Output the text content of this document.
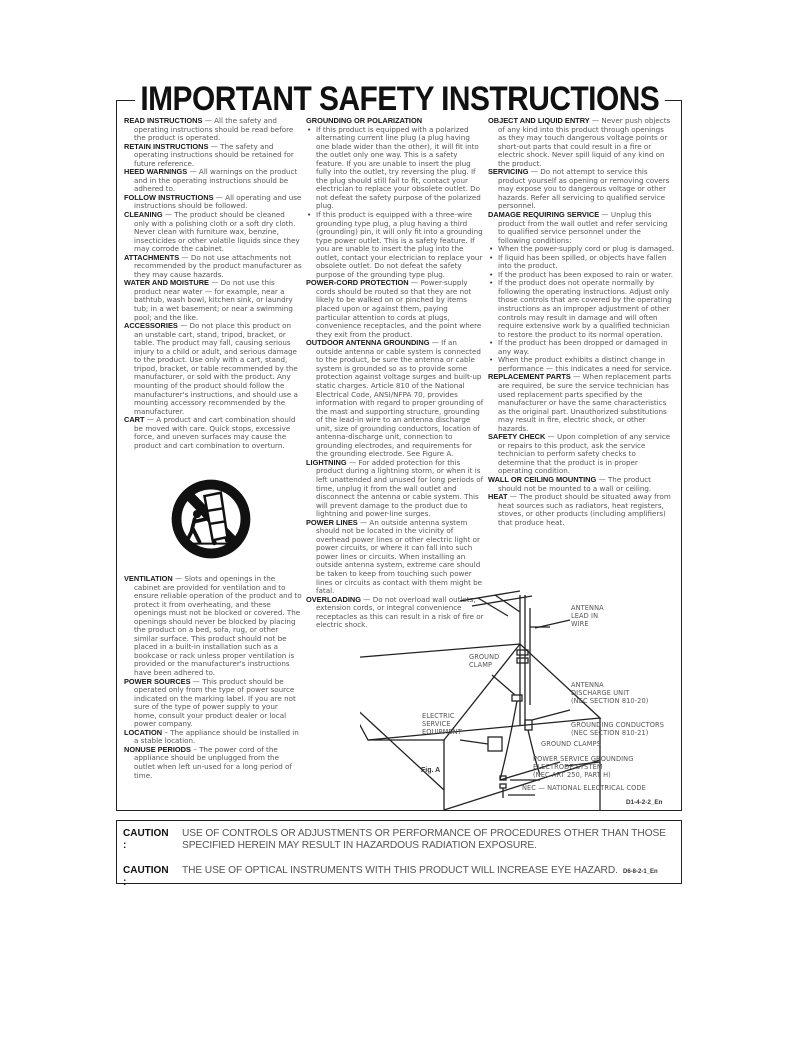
IMPORTANT SAFETY INSTRUCTIONS

READ INSTRUCTIONS — All the safety and operating instructions should be read before the product is operated.

RETAIN INSTRUCTIONS — The safety and operating instructions should be retained for future reference.

HEED WARNINGS — All warnings on the product and in the operating instructions should be adhered to.

FOLLOW INSTRUCTIONS — All operating and use instructions should be followed.

CLEANING — The product should be cleaned only with a polishing cloth or a soft dry cloth. Never clean with furniture wax, benzine, insecticides or other volatile liquids since they may corrode the cabinet.

ATTACHMENTS — Do not use attachments not recommended by the product manufacturer as they may cause hazards.

WATER AND MOISTURE — Do not use this product near water — for example, near a bathtub, wash bowl, kitchen sink, or laundry tub; in a wet basement; or near a swimming pool; and the like.

ACCESSORIES — Do not place this product on an unstable cart, stand, tripod, bracket, or table. The product may fall, causing serious injury to a child or adult, and serious damage to the product. Use only with a cart, stand, tripod, bracket, or table recommended by the manufacturer, or sold with the product. Any mounting of the product should follow the manufacturer's instructions, and should use a mounting accessory recommended by the manufacturer.

CART — A product and cart combination should be moved with care. Quick stops, excessive force, and uneven surfaces may cause the product and cart combination to overturn.

VENTILATION — Slots and openings in the cabinet are provided for ventilation and to ensure reliable operation of the product and to protect it from overheating, and these openings must not be blocked or covered. The openings should never be blocked by placing the product on a bed, sofa, rug, or other similar surface. This product should not be placed in a built-in installation such as a bookcase or rack unless proper ventilation is provided or the manufacturer's instructions have been adhered to.

POWER SOURCES — This product should be operated only from the type of power source indicated on the marking label. If you are not sure of the type of power supply to your home, consult your product dealer or local power company.

LOCATION – The appliance should be installed in a stable location.

NONUSE PERIODS – The power cord of the appliance should be unplugged from the outlet when left un-used for a long period of time.

GROUNDING OR POLARIZATION

• If this product is equipped with a polarized alternating current line plug (a plug having one blade wider than the other), it will fit into the outlet only one way. This is a safety feature. If you are unable to insert the plug fully into the outlet, try reversing the plug. If the plug should still fail to fit, contact your electrician to replace your obsolete outlet. Do not defeat the safety purpose of the polarized plug.
• If this product is equipped with a three-wire grounding type plug, a plug having a third (grounding) pin, it will only fit into a grounding type power outlet. This is a safety feature. If you are unable to insert the plug into the outlet, contact your electrician to replace your obsolete outlet. Do not defeat the safety purpose of the grounding type plug.

POWER-CORD PROTECTION — Power-supply cords should be routed so that they are not likely to be walked on or pinched by items placed upon or against them, paying particular attention to cords at plugs, convenience receptacles, and the point where they exit from the product.

OUTDOOR ANTENNA GROUNDING — If an outside antenna or cable system is connected to the product, be sure the antenna or cable system is grounded so as to provide some protection against voltage surges and built-up static charges. Article 810 of the National Electrical Code, ANSI/NFPA 70, provides information with regard to proper grounding of the mast and supporting structure, grounding of the lead-in wire to an antenna discharge unit, size of grounding conductors, location of antenna-discharge unit, connection to grounding electrodes, and requirements for the grounding electrode. See Figure A.

LIGHTNING — For added protection for this product during a lightning storm, or when it is left unattended and unused for long periods of time, unplug it from the wall outlet and disconnect the antenna or cable system. This will prevent damage to the product due to lightning and power-line surges.

POWER LINES — An outside antenna system should not be located in the vicinity of overhead power lines or other electric light or power circuits, or where it can fall into such power lines or circuits. When installing an outside antenna system, extreme care should be taken to keep from touching such power lines or circuits as contact with them might be fatal.

OVERLOADING — Do not overload wall outlets, extension cords, or integral convenience receptacles as this can result in a risk of fire or electric shock.

OBJECT AND LIQUID ENTRY — Never push objects of any kind into this product through openings as they may touch dangerous voltage points or short-out parts that could result in a fire or electric shock. Never spill liquid of any kind on the product.

SERVICING — Do not attempt to service this product yourself as opening or removing covers may expose you to dangerous voltage or other hazards. Refer all servicing to qualified service personnel.

DAMAGE REQUIRING SERVICE — Unplug this product from the wall outlet and refer servicing to qualified service personnel under the following conditions:

• When the power-supply cord or plug is damaged.
• If liquid has been spilled, or objects have fallen into the product.
• If the product has been exposed to rain or water.
• If the product does not operate normally by following the operating instructions. Adjust only those controls that are covered by the operating instructions as an improper adjustment of other controls may result in damage and will often require extensive work by a qualified technician to restore the product to its normal operation.
• If the product has been dropped or damaged in any way.
• When the product exhibits a distinct change in performance — this indicates a need for service.

REPLACEMENT PARTS — When replacement parts are required, be sure the service technician has used replacement parts specified by the manufacturer or have the same characteristics as the original part. Unauthorized substitutions may result in fire, electric shock, or other hazards.

SAFETY CHECK — Upon completion of any service or repairs to this product, ask the service technician to perform safety checks to determine that the product is in proper operating condition.

WALL OR CEILING MOUNTING — The product should not be mounted to a wall or ceiling.

HEAT — The product should be situated away from heat sources such as radiators, heat registers, stoves, or other products (including amplifiers) that produce heat.

ANTENNA
LEAD IN
WIRE
GROUND
CLAMP
ANTENNA
DISCHARGE UNIT
(NEC SECTION 810-20)
ELECTRIC
SERVICE
EQUIPMENT
GROUNDING CONDUCTORS
(NEC SECTION 810-21)
GROUND CLAMPS
POWER SERVICE GROUNDING
ELECTRODE SYSTEM
(NEC ART 250, PART H)
NEC — NATIONAL ELECTRICAL CODE
Fig. A
D1-4-2-2_En
CAUTION :
USE OF CONTROLS OR ADJUSTMENTS OR PERFORMANCE OF PROCEDURES OTHER THAN THOSE
SPECIFIED HEREIN MAY RESULT IN HAZARDOUS RADIATION EXPOSURE.
CAUTION :
THE USE OF OPTICAL INSTRUMENTS WITH THIS PRODUCT WILL INCREASE EYE HAZARD. D6-8-2-1_En
